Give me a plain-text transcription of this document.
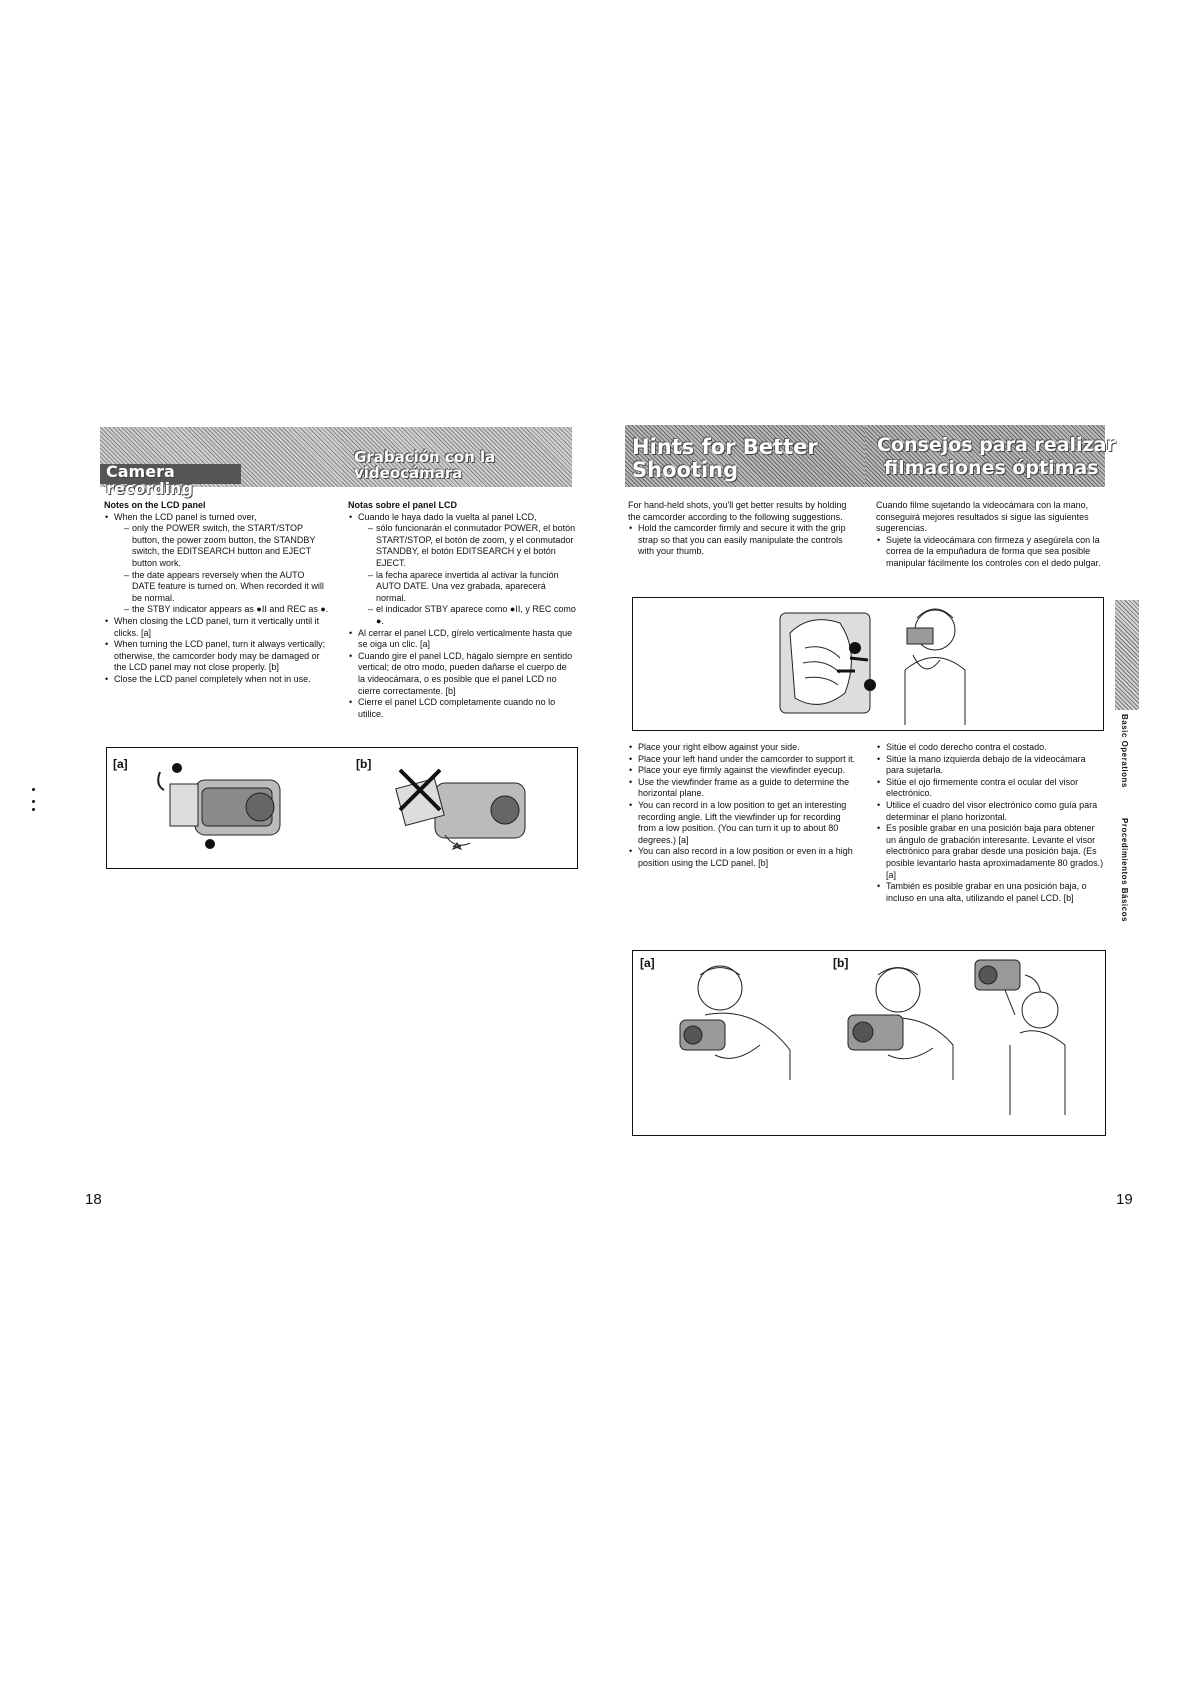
Camera recording
Grabación con la
videocámara
Notes on the LCD panel
• When the LCD panel is turned over,
– only the POWER switch, the START/STOP button, the power zoom button, the STANDBY switch, the EDITSEARCH button and EJECT button work.
– the date appears reversely when the AUTO DATE feature is turned on. When recorded it will be normal.
– the STBY indicator appears as ●II and REC as ●.
• When closing the LCD panel, turn it vertically until it clicks. [a]
• When turning the LCD panel, turn it always vertically; otherwise, the camcorder body may be damaged or the LCD panel may not close properly. [b]
• Close the LCD panel completely when not in use.
Notas sobre el panel LCD
• Cuando le haya dado la vuelta al panel LCD,
– sólo funcionarán el conmutador POWER, el botón START/STOP, el botón de zoom, y el conmutador STANDBY, el botón EDITSEARCH y el botón EJECT.
– la fecha aparece invertida al activar la función AUTO DATE. Una vez grabada, aparecerá normal.
– el indicador STBY aparece como ●II, y REC como ●.
• Al cerrar el panel LCD, gírelo verticalmente hasta que se oiga un clic. [a]
• Cuando gire el panel LCD, hágalo siempre en sentido vertical; de otro modo, pueden dañarse el cuerpo de la videocámara, o es posible que el panel LCD no cierre correctamente. [b]
• Cierre el panel LCD completamente cuando no lo utilice.
[a]	[b]
Hints for Better
Shooting
Consejos para realizar
filmaciones óptimas
For hand-held shots, you'll get better results by holding the camcorder according to the following suggestions.
• Hold the camcorder firmly and secure it with the grip strap so that you can easily manipulate the controls with your thumb.
Cuando filme sujetando la videocámara con la mano, conseguirá mejores resultados si sigue las siguientes sugerencias.
• Sujete la videocámara con firmeza y asegúrela con la correa de la empuñadura de forma que sea posible manipular fácilmente los controles con el dedo pulgar.
• Place your right elbow against your side.
• Place your left hand under the camcorder to support it.
• Place your eye firmly against the viewfinder eyecup.
• Use the viewfinder frame as a guide to determine the horizontal plane.
• You can record in a low position to get an interesting recording angle. Lift the viewfinder up for recording from a low position. (You can turn it up to about 80 degrees.) [a]
• You can also record in a low position or even in a high position using the LCD panel. [b]
• Sitúe el codo derecho contra el costado.
• Sitúe la mano izquierda debajo de la videocámara para sujetarla.
• Sitúe el ojo firmemente contra el ocular del visor electrónico.
• Utilice el cuadro del visor electrónico como guía para determinar el plano horizontal.
• Es posible grabar en una posición baja para obtener un ángulo de grabación interesante. Levante el visor electrónico para grabar desde una posición baja. (Es posible levantarlo hasta aproximadamente 80 grados.) [a]
• También es posible grabar en una posición baja, o incluso en una alta, utilizando el panel LCD. [b]
[a]	[b]
Basic Operations
Procedimientos Básicos
18	19
